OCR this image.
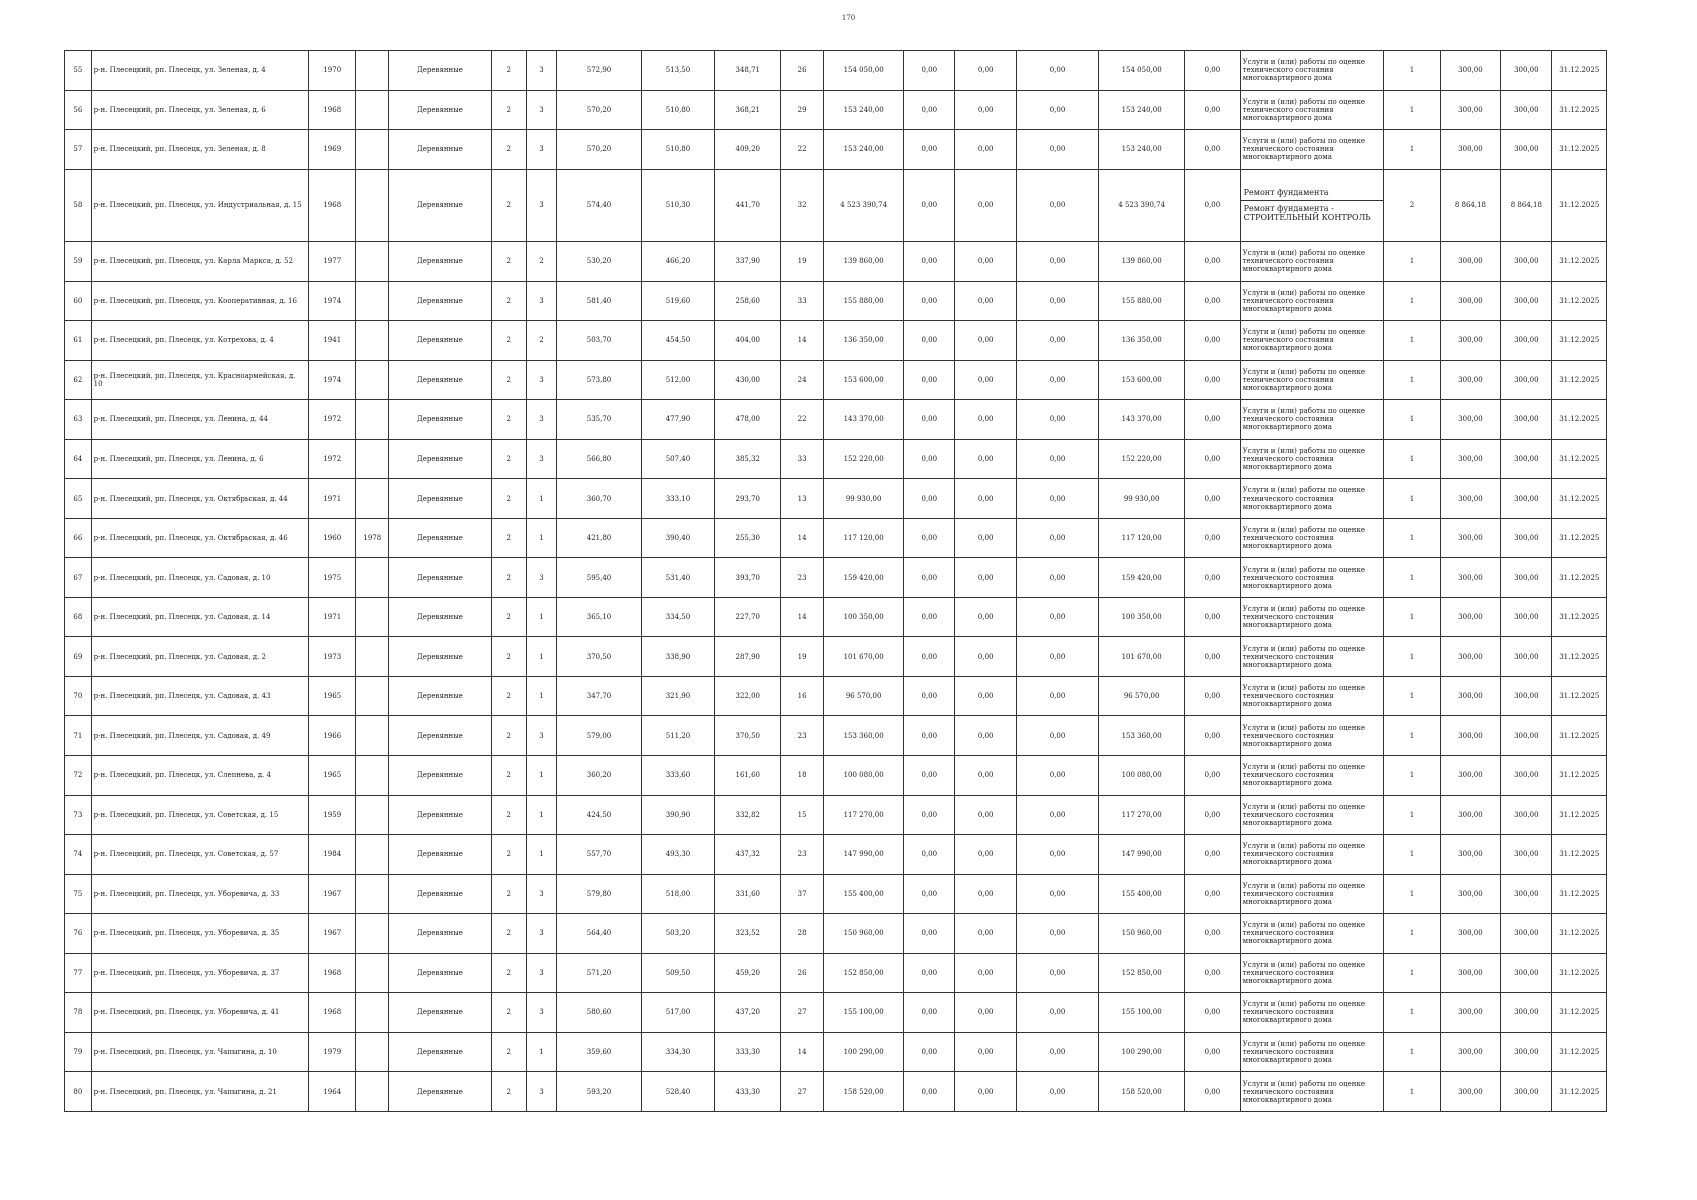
170
55	р-н. Плесецкий, рп. Плесецк, ул. Зеленая, д. 4	1970		Деревянные	2	3	572,90	513,50	348,71	26	154 050,00	0,00	0,00	0,00	154 050,00	0,00	Услуги и (или) работы по оценке технического состояния многоквартирного дома	1	300,00	300,00	31.12.2025
56	р-н. Плесецкий, рп. Плесецк, ул. Зеленая, д. 6	1968		Деревянные	2	3	570,20	510,80	368,21	29	153 240,00	0,00	0,00	0,00	153 240,00	0,00	Услуги и (или) работы по оценке технического состояния многоквартирного дома	1	300,00	300,00	31.12.2025
57	р-н. Плесецкий, рп. Плесецк, ул. Зеленая, д. 8	1969		Деревянные	2	3	570,20	510,80	409,20	22	153 240,00	0,00	0,00	0,00	153 240,00	0,00	Услуги и (или) работы по оценке технического состояния многоквартирного дома	1	300,00	300,00	31.12.2025
58	р-н. Плесецкий, рп. Плесецк, ул. Индустриальная, д. 15	1968		Деревянные	2	3	574,40	510,30	441,70	32	4 523 390,74	0,00	0,00	0,00	4 523 390,74	0,00	Ремонт фундамента
Ремонт фундамента - СТРОИТЕЛЬНЫЙ КОНТРОЛЬ	2	8 864,18	8 864,18	31.12.2025
59	р-н. Плесецкий, рп. Плесецк, ул. Карла Маркса, д. 52	1977		Деревянные	2	2	530,20	466,20	337,90	19	139 860,00	0,00	0,00	0,00	139 860,00	0,00	Услуги и (или) работы по оценке технического состояния многоквартирного дома	1	300,00	300,00	31.12.2025
60	р-н. Плесецкий, рп. Плесецк, ул. Кооперативная, д. 16	1974		Деревянные	2	3	581,40	519,60	258,60	33	155 880,00	0,00	0,00	0,00	155 880,00	0,00	Услуги и (или) работы по оценке технического состояния многоквартирного дома	1	300,00	300,00	31.12.2025
61	р-н. Плесецкий, рп. Плесецк, ул. Котрехова, д. 4	1941		Деревянные	2	2	503,70	454,50	404,00	14	136 350,00	0,00	0,00	0,00	136 350,00	0,00	Услуги и (или) работы по оценке технического состояния многоквартирного дома	1	300,00	300,00	31.12.2025
62	р-н. Плесецкий, рп. Плесецк, ул. Красноармейская, д. 10	1974		Деревянные	2	3	573,80	512,00	430,00	24	153 600,00	0,00	0,00	0,00	153 600,00	0,00	Услуги и (или) работы по оценке технического состояния многоквартирного дома	1	300,00	300,00	31.12.2025
63	р-н. Плесецкий, рп. Плесецк, ул. Ленина, д. 44	1972		Деревянные	2	3	535,70	477,90	478,00	22	143 370,00	0,00	0,00	0,00	143 370,00	0,00	Услуги и (или) работы по оценке технического состояния многоквартирного дома	1	300,00	300,00	31.12.2025
64	р-н. Плесецкий, рп. Плесецк, ул. Ленина, д. 6	1972		Деревянные	2	3	566,80	507,40	385,32	33	152 220,00	0,00	0,00	0,00	152 220,00	0,00	Услуги и (или) работы по оценке технического состояния многоквартирного дома	1	300,00	300,00	31.12.2025
65	р-н. Плесецкий, рп. Плесецк, ул. Октябрьская, д. 44	1971		Деревянные	2	1	360,70	333,10	293,70	13	99 930,00	0,00	0,00	0,00	99 930,00	0,00	Услуги и (или) работы по оценке технического состояния многоквартирного дома	1	300,00	300,00	31.12.2025
66	р-н. Плесецкий, рп. Плесецк, ул. Октябрьская, д. 46	1960	1978	Деревянные	2	1	421,80	390,40	255,30	14	117 120,00	0,00	0,00	0,00	117 120,00	0,00	Услуги и (или) работы по оценке технического состояния многоквартирного дома	1	300,00	300,00	31.12.2025
67	р-н. Плесецкий, рп. Плесецк, ул. Садовая, д. 10	1975		Деревянные	2	3	595,40	531,40	393,70	23	159 420,00	0,00	0,00	0,00	159 420,00	0,00	Услуги и (или) работы по оценке технического состояния многоквартирного дома	1	300,00	300,00	31.12.2025
68	р-н. Плесецкий, рп. Плесецк, ул. Садовая, д. 14	1971		Деревянные	2	1	365,10	334,50	227,70	14	100 350,00	0,00	0,00	0,00	100 350,00	0,00	Услуги и (или) работы по оценке технического состояния многоквартирного дома	1	300,00	300,00	31.12.2025
69	р-н. Плесецкий, рп. Плесецк, ул. Садовая, д. 2	1973		Деревянные	2	1	370,50	338,90	287,90	19	101 670,00	0,00	0,00	0,00	101 670,00	0,00	Услуги и (или) работы по оценке технического состояния многоквартирного дома	1	300,00	300,00	31.12.2025
70	р-н. Плесецкий, рп. Плесецк, ул. Садовая, д. 43	1965		Деревянные	2	1	347,70	321,90	322,00	16	96 570,00	0,00	0,00	0,00	96 570,00	0,00	Услуги и (или) работы по оценке технического состояния многоквартирного дома	1	300,00	300,00	31.12.2025
71	р-н. Плесецкий, рп. Плесецк, ул. Садовая, д. 49	1966		Деревянные	2	3	579,00	511,20	370,50	23	153 360,00	0,00	0,00	0,00	153 360,00	0,00	Услуги и (или) работы по оценке технического состояния многоквартирного дома	1	300,00	300,00	31.12.2025
72	р-н. Плесецкий, рп. Плесецк, ул. Слепнева, д. 4	1965		Деревянные	2	1	360,20	333,60	161,60	18	100 080,00	0,00	0,00	0,00	100 080,00	0,00	Услуги и (или) работы по оценке технического состояния многоквартирного дома	1	300,00	300,00	31.12.2025
73	р-н. Плесецкий, рп. Плесецк, ул. Советская, д. 15	1959		Деревянные	2	1	424,50	390,90	332,82	15	117 270,00	0,00	0,00	0,00	117 270,00	0,00	Услуги и (или) работы по оценке технического состояния многоквартирного дома	1	300,00	300,00	31.12.2025
74	р-н. Плесецкий, рп. Плесецк, ул. Советская, д. 57	1984		Деревянные	2	1	557,70	493,30	437,32	23	147 990,00	0,00	0,00	0,00	147 990,00	0,00	Услуги и (или) работы по оценке технического состояния многоквартирного дома	1	300,00	300,00	31.12.2025
75	р-н. Плесецкий, рп. Плесецк, ул. Уборевича, д. 33	1967		Деревянные	2	3	579,80	518,00	331,60	37	155 400,00	0,00	0,00	0,00	155 400,00	0,00	Услуги и (или) работы по оценке технического состояния многоквартирного дома	1	300,00	300,00	31.12.2025
76	р-н. Плесецкий, рп. Плесецк, ул. Уборевича, д. 35	1967		Деревянные	2	3	564,40	503,20	323,52	28	150 960,00	0,00	0,00	0,00	150 960,00	0,00	Услуги и (или) работы по оценке технического состояния многоквартирного дома	1	300,00	300,00	31.12.2025
77	р-н. Плесецкий, рп. Плесецк, ул. Уборевича, д. 37	1968		Деревянные	2	3	571,20	509,50	459,20	26	152 850,00	0,00	0,00	0,00	152 850,00	0,00	Услуги и (или) работы по оценке технического состояния многоквартирного дома	1	300,00	300,00	31.12.2025
78	р-н. Плесецкий, рп. Плесецк, ул. Уборевича, д. 41	1968		Деревянные	2	3	580,60	517,00	437,20	27	155 100,00	0,00	0,00	0,00	155 100,00	0,00	Услуги и (или) работы по оценке технического состояния многоквартирного дома	1	300,00	300,00	31.12.2025
79	р-н. Плесецкий, рп. Плесецк, ул. Чапыгина, д. 10	1979		Деревянные	2	1	359,60	334,30	333,30	14	100 290,00	0,00	0,00	0,00	100 290,00	0,00	Услуги и (или) работы по оценке технического состояния многоквартирного дома	1	300,00	300,00	31.12.2025
80	р-н. Плесецкий, рп. Плесецк, ул. Чапыгина, д. 21	1964		Деревянные	2	3	593,20	528,40	433,30	27	158 520,00	0,00	0,00	0,00	158 520,00	0,00	Услуги и (или) работы по оценке технического состояния многоквартирного дома	1	300,00	300,00	31.12.2025
